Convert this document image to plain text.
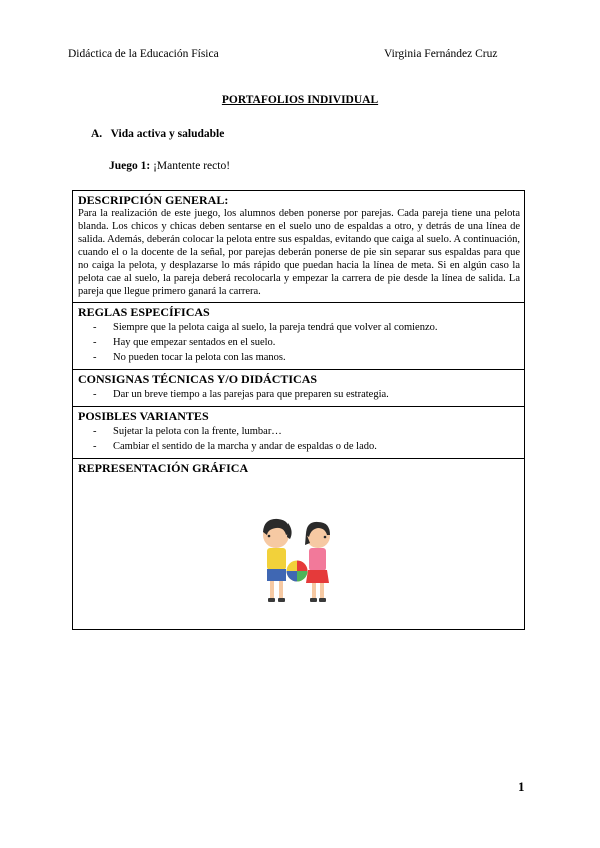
Didáctica de la Educación Física	Virginia Fernández Cruz
PORTAFOLIOS INDIVIDUAL
A. Vida activa y saludable
Juego 1: ¡Mantente recto!
DESCRIPCIÓN GENERAL:
Para la realización de este juego, los alumnos deben ponerse por parejas. Cada pareja tiene una pelota blanda. Los chicos y chicas deben sentarse en el suelo uno de espaldas a otro, y detrás de una línea de salida. Además, deberán colocar la pelota entre sus espaldas, evitando que caiga al suelo. A continuación, cuando el o la docente de la señal, por parejas deberán ponerse de pie sin separar sus espaldas para que no caiga la pelota, y desplazarse lo más rápido que puedan hacia la línea de meta. Si en algún caso la pelota cae al suelo, la pareja deberá recolocarla y empezar la carrera de pie desde la línea de salida. La pareja que llegue primero ganará la carrera.

REGLAS ESPECÍFICAS
- Siempre que la pelota caiga al suelo, la pareja tendrá que volver al comienzo.
- Hay que empezar sentados en el suelo.
- No pueden tocar la pelota con las manos.

CONSIGNAS TÉCNICAS Y/O DIDÁCTICAS
- Dar un breve tiempo a las parejas para que preparen su estrategia.

POSIBLES VARIANTES
- Sujetar la pelota con la frente, lumbar…
- Cambiar el sentido de la marcha y andar de espaldas o de lado.

REPRESENTACIÓN GRÁFICA
1
